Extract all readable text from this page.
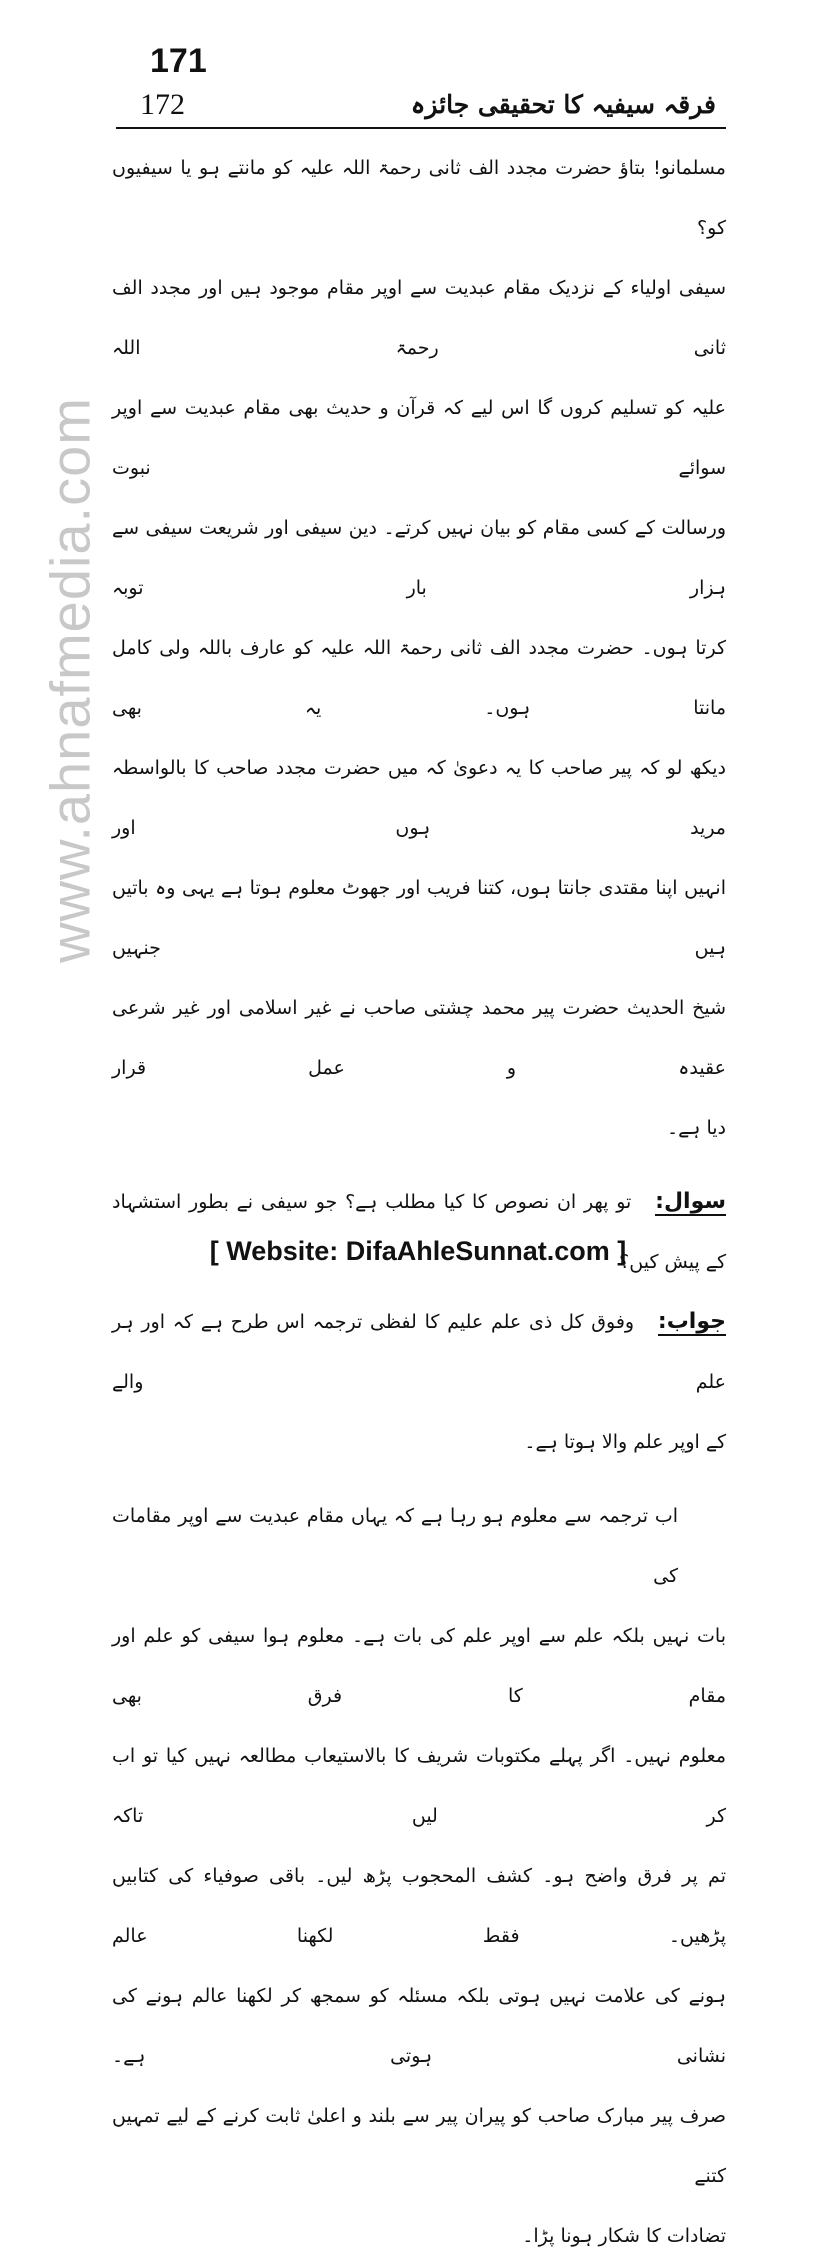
www.ahnafmedia.com
171
172	فرقہ سیفیہ کا تحقیقی جائزہ

مسلمانو! بتاؤ حضرت مجدد الف ثانی رحمۃ اللہ علیہ کو مانتے ہو یا سیفیوں کو؟

سیفی اولیاء کے نزدیک مقام عبدیت سے اوپر مقام موجود ہیں اور مجدد الف ثانی رحمۃ اللہ

علیہ کو تسلیم کروں گا اس لیے کہ قرآن و حدیث بھی مقام عبدیت سے اوپر سوائے نبوت

ورسالت کے کسی مقام کو بیان نہیں کرتے۔ دین سیفی اور شریعت سیفی سے ہزار بار توبہ

کرتا ہوں۔ حضرت مجدد الف ثانی رحمۃ اللہ علیہ کو عارف باللہ ولی کامل مانتا ہوں۔ یہ بھی

دیکھ لو کہ پیر صاحب کا یہ دعویٰ کہ میں حضرت مجدد صاحب کا بالواسطہ مرید ہوں اور

انہیں اپنا مقتدی جانتا ہوں، کتنا فریب اور جھوٹ معلوم ہوتا ہے یہی وہ باتیں ہیں جنہیں

شیخ الحدیث حضرت پیر محمد چشتی صاحب نے غیر اسلامی اور غیر شرعی عقیدہ و عمل قرار

دیا ہے۔

سوال: تو پھر ان نصوص کا کیا مطلب ہے؟ جو سیفی نے بطور استشہاد کے پیش کیں؟

جواب: وفوق کل ذی علم علیم کا لفظی ترجمہ اس طرح ہے کہ اور ہر علم والے

کے اوپر علم والا ہوتا ہے۔

اب ترجمہ سے معلوم ہو رہا ہے کہ یہاں مقام عبدیت سے اوپر مقامات کی

بات نہیں بلکہ علم سے اوپر علم کی بات ہے۔ معلوم ہوا سیفی کو علم اور مقام کا فرق بھی

معلوم نہیں۔ اگر پہلے مکتوبات شریف کا بالاستیعاب مطالعہ نہیں کیا تو اب کر لیں تاکہ

تم پر فرق واضح ہو۔ کشف المحجوب پڑھ لیں۔ باقی صوفیاء کی کتابیں پڑھیں۔ فقط لکھنا عالم

ہونے کی علامت نہیں ہوتی بلکہ مسئلہ کو سمجھ کر لکھنا عالم ہونے کی نشانی ہوتی ہے۔

صرف پیر مبارک صاحب کو پیران پیر سے بلند و اعلیٰ ثابت کرنے کے لیے تمہیں کتنے

تضادات کا شکار ہونا پڑا۔

[ Website: DifaAhleSunnat.com ]
